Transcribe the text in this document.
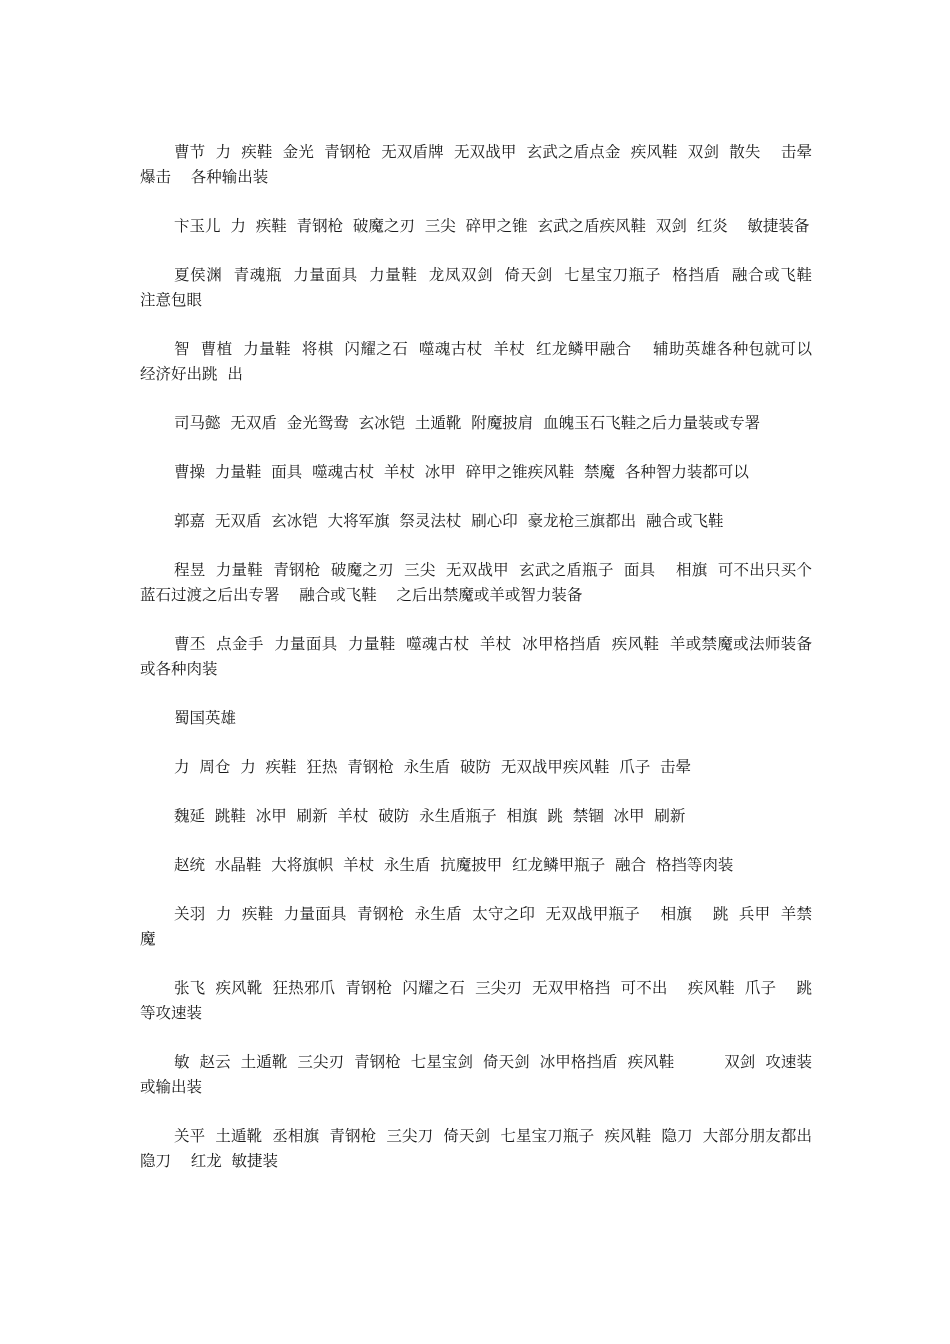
曹节  力  疾鞋  金光  青钢枪  无双盾牌  无双战甲  玄武之盾点金  疾风鞋  双剑  散失    击晕  爆击    各种输出装

卞玉儿  力  疾鞋  青钢枪  破魔之刃  三尖  碎甲之锥  玄武之盾疾风鞋  双剑  红炎    敏捷装备

夏侯渊  青魂瓶  力量面具  力量鞋  龙凤双剑  倚天剑  七星宝刀瓶子  格挡盾  融合或飞鞋    注意包眼

智  曹植  力量鞋  将棋  闪耀之石  噬魂古杖  羊杖  红龙鳞甲融合    辅助英雄各种包就可以    经济好出跳  出

司马懿  无双盾  金光鸳鸯  玄冰铠  土遁靴  附魔披肩  血魄玉石飞鞋之后力量装或专署

曹操  力量鞋  面具  噬魂古杖  羊杖  冰甲  碎甲之锥疾风鞋  禁魔  各种智力装都可以

郭嘉  无双盾  玄冰铠  大将军旗  祭灵法杖  刷心印  豪龙枪三旗都出  融合或飞鞋

程昱  力量鞋  青钢枪  破魔之刃  三尖  无双战甲  玄武之盾瓶子  面具    相旗  可不出只买个蓝石过渡之后出专署    融合或飞鞋    之后出禁魔或羊或智力装备

曹丕  点金手  力量面具  力量鞋  噬魂古杖  羊杖  冰甲格挡盾  疾风鞋  羊或禁魔或法师装备    或各种肉装

蜀国英雄

力  周仓  力  疾鞋  狂热  青钢枪  永生盾  破防  无双战甲疾风鞋  爪子  击晕

魏延  跳鞋  冰甲  刷新  羊杖  破防  永生盾瓶子  相旗  跳  禁锢  冰甲  刷新

赵统  水晶鞋  大将旗帜  羊杖  永生盾  抗魔披甲  红龙鳞甲瓶子  融合  格挡等肉装

关羽  力  疾鞋  力量面具  青钢枪  永生盾  太守之印  无双战甲瓶子    相旗    跳  兵甲  羊禁魔

张飞  疾风靴  狂热邪爪  青钢枪  闪耀之石  三尖刃  无双甲格挡  可不出    疾风鞋  爪子    跳  等攻速装

敏  赵云  土遁靴  三尖刃  青钢枪  七星宝剑  倚天剑  冰甲格挡盾  疾风鞋          双剑  攻速装  或输出装

关平  土遁靴  丞相旗  青钢枪  三尖刀  倚天剑  七星宝刀瓶子  疾风鞋  隐刀  大部分朋友都出隐刀    红龙  敏捷装
